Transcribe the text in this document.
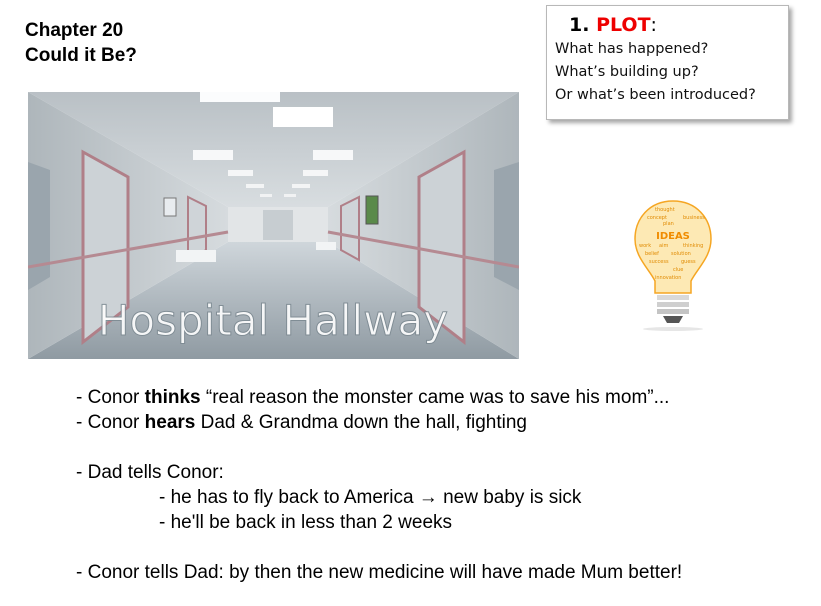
Chapter 20
Could it Be?
1. PLOT:
What has happened?
What’s building up?
Or what’s been introduced?
Hospital Hallway
thought
concept	business
plan
IDEAS
work aim	thinking
belief solution
success guess
clue
innovation
- Conor thinks “real reason the monster came was to save his mom”...
- Conor hears Dad & Grandma down the hall, fighting
- Dad tells Conor:
- he has to fly back to America → new baby is sick
- he'll be back in less than 2 weeks
- Conor tells Dad: by then the new medicine will have made Mum better!
